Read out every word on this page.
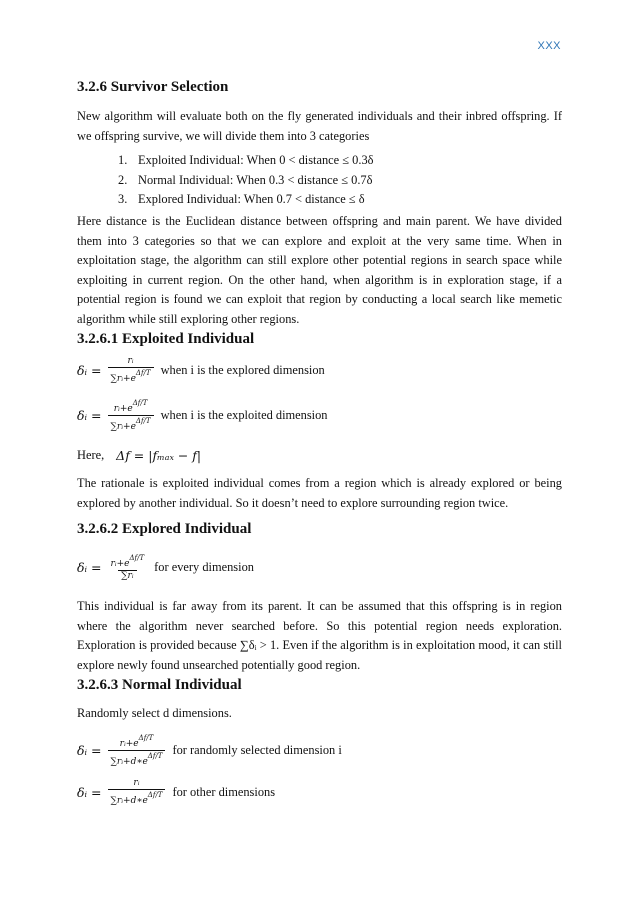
XXX
3.2.6 Survivor Selection

New algorithm will evaluate both on the fly generated individuals and their inbred offspring. If we offspring survive, we will divide them into 3 categories

1. Exploited Individual: When 0 < distance ≤ 0.3δ
2. Normal Individual: When 0.3 < distance ≤ 0.7δ
3. Explored Individual: When 0.7 < distance ≤ δ

Here distance is the Euclidean distance between offspring and main parent. We have divided them into 3 categories so that we can explore and exploit at the very same time. When in exploitation stage, the algorithm can still explore other potential regions in search space while exploiting in current region. On the other hand, when algorithm is in exploration stage, if a potential region is found we can exploit that region by conducting a local search like memetic algorithm while still exploring other regions.

3.2.6.1 Exploited Individual
δᵢ = $\frac{\text{rᵢ}}{\sum rᵢ+e^{\Delta f/T}}$ when i is the explored dimension
δᵢ = $\frac{rᵢ+e^{\Delta f/T}}{\sum rᵢ+e^{\Delta f/T}}$ when i is the exploited dimension
Here, Δf = |fₘₐₓ − f|

The rationale is exploited individual comes from a region which is already explored or being explored by another individual. So it doesn’t need to explore surrounding region twice.

3.2.6.2 Explored Individual
δᵢ = $\frac{rᵢ+e^{\Delta f/T}}{\text{∑rᵢ}}$ for every dimension

This individual is far away from its parent. It can be assumed that this offspring is in region where the algorithm never searched before. So this potential region needs exploration. Exploration is provided because ∑δᵢ > 1. Even if the algorithm is in exploitation mood, it can still explore newly found unsearched potentially good region.

3.2.6.3 Normal Individual

Randomly select d dimensions.

δᵢ = $\frac{rᵢ+e^{\Delta f/T}}{\sum rᵢ+d∗e^{\Delta f/T}}$ for randomly selected dimension i
δᵢ = $\frac{\text{rᵢ}}{\sum rᵢ+d∗e^{\Delta f/T}}$ for other dimensions
